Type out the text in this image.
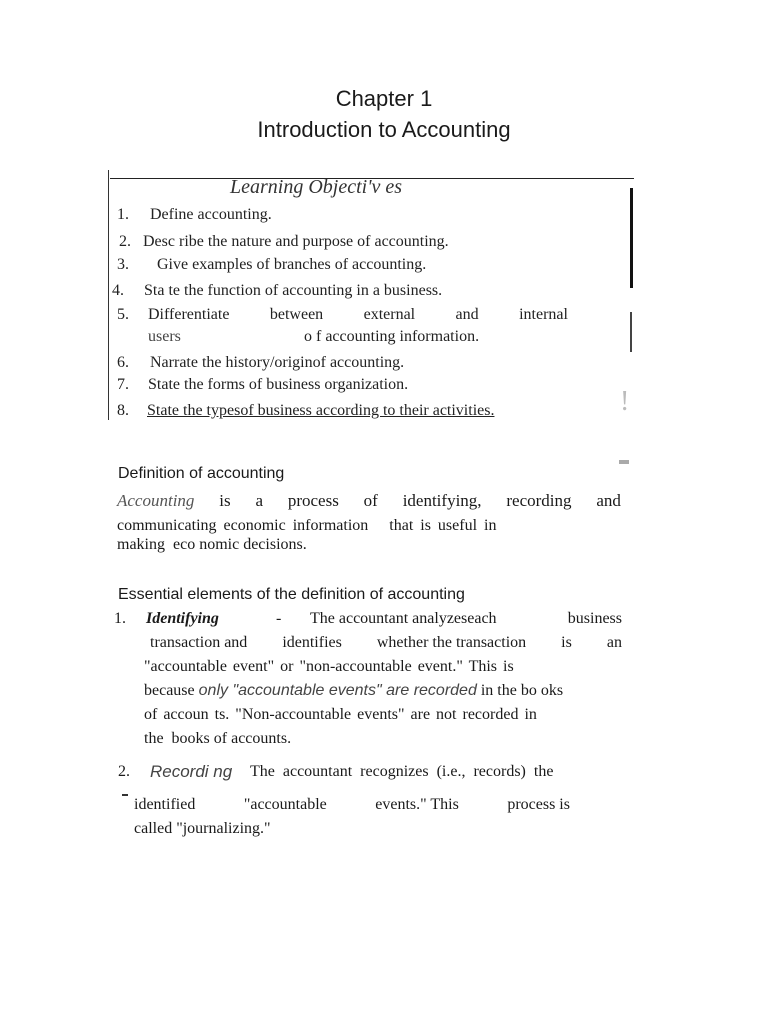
Chapter 1
Introduction to Accounting
Learning Objecti'v es
1. Define accounting.
2. Desc ribe the nature and purpose of accounting.
3. Give examples of branches of accounting.
4. Sta te the function of accounting in a business.
5. Differentiate	between	external	and	internal
users	o f accounting information.
6. Narrate the history/originof accounting.
7. State the forms of business organization.
8. State the typesof business according to their activities.	!
Definition of accounting
Accounting is a process of identifying, recording and
communicating economic information   that is useful in
making  eco nomic decisions.
Essential elements of the definition of accounting
1. Identifying	-	The accountant analyzeseach	business
transaction and identifies whether the transaction is an
"accountable event" or "non-accountable event." This is
because only "accountable events" are recorded in the bo oks
of accoun ts. "Non-accountable events" are not recorded in
the  books of accounts.
2. Recordi ng The accountant recognizes (i.e., records) the
identified	"accountable	events." This	process is
called "journalizing."
